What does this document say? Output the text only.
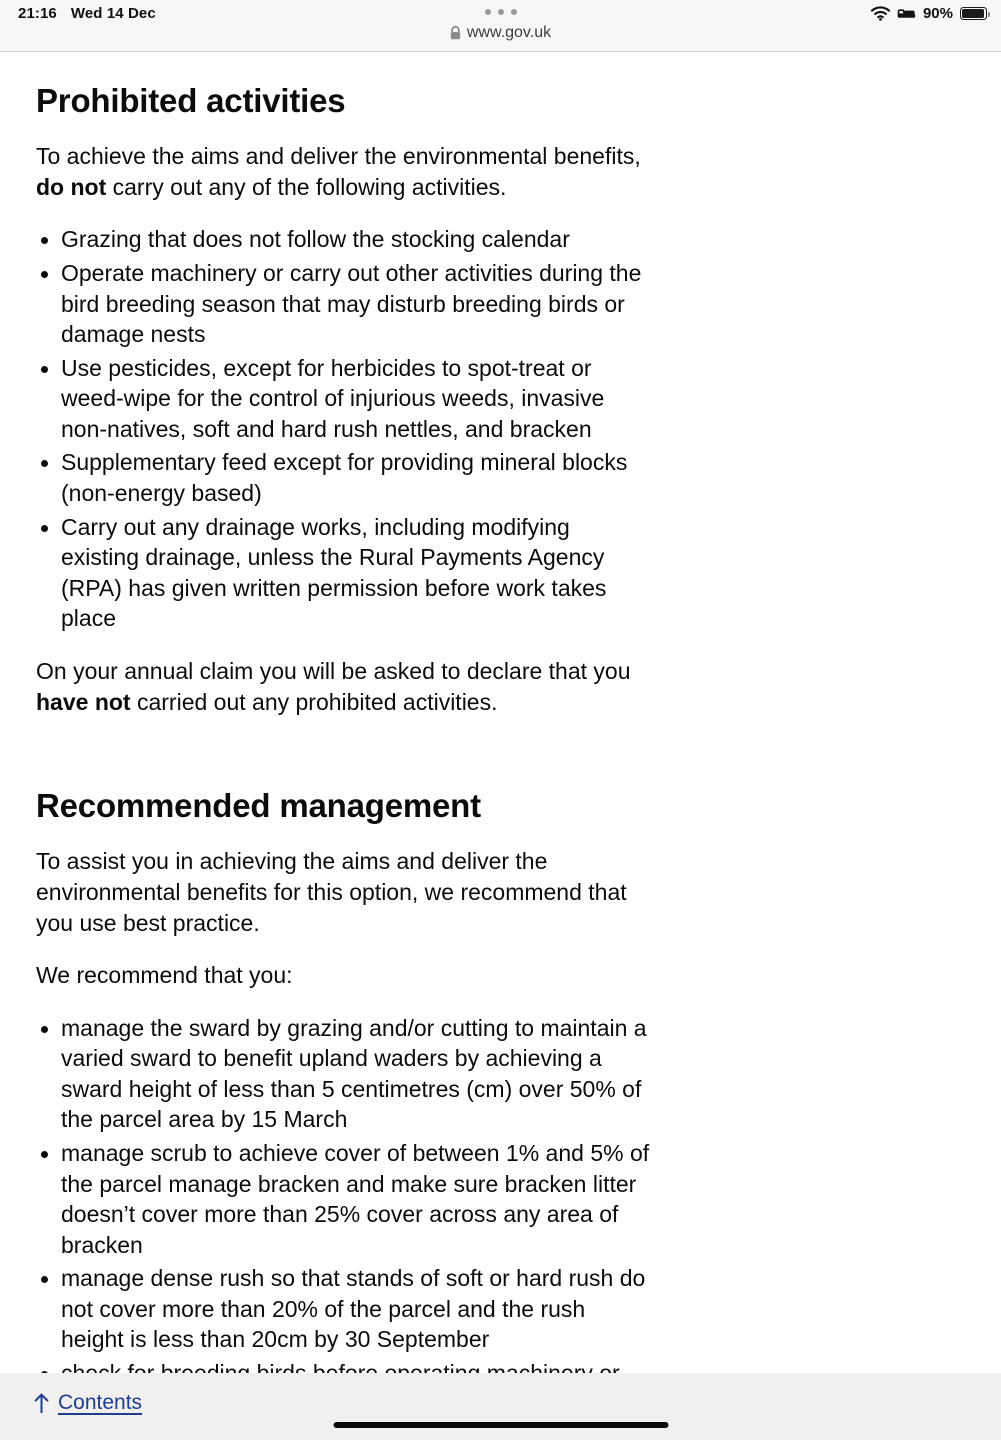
21:16 Wed 14 Dec
www.gov.uk
90%
Prohibited activities

To achieve the aims and deliver the environmental benefits, do not carry out any of the following activities.

Grazing that does not follow the stocking calendar
Operate machinery or carry out other activities during the bird breeding season that may disturb breeding birds or damage nests
Use pesticides, except for herbicides to spot-treat or weed-wipe for the control of injurious weeds, invasive non-natives, soft and hard rush nettles, and bracken
Supplementary feed except for providing mineral blocks (non-energy based)
Carry out any drainage works, including modifying existing drainage, unless the Rural Payments Agency (RPA) has given written permission before work takes place

On your annual claim you will be asked to declare that you have not carried out any prohibited activities.

Recommended management

To assist you in achieving the aims and deliver the environmental benefits for this option, we recommend that you use best practice.

We recommend that you:

manage the sward by grazing and/or cutting to maintain a varied sward to benefit upland waders by achieving a sward height of less than 5 centimetres (cm) over 50% of the parcel area by 15 March
manage scrub to achieve cover of between 1% and 5% of the parcel manage bracken and make sure bracken litter doesn’t cover more than 25% cover across any area of bracken
manage dense rush so that stands of soft or hard rush do not cover more than 20% of the parcel and the rush height is less than 20cm by 30 September
Contents
